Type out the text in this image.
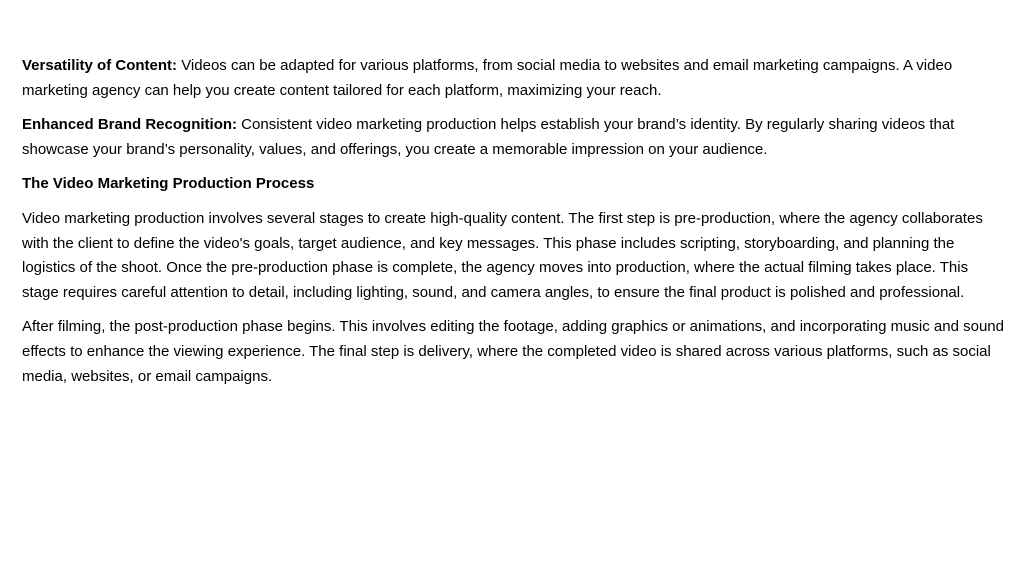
Versatility of Content: Videos can be adapted for various platforms, from social media to websites and email marketing campaigns. A video marketing agency can help you create content tailored for each platform, maximizing your reach.

Enhanced Brand Recognition: Consistent video marketing production helps establish your brand’s identity. By regularly sharing videos that showcase your brand’s personality, values, and offerings, you create a memorable impression on your audience.

The Video Marketing Production Process

Video marketing production involves several stages to create high-quality content. The first step is pre-production, where the agency collaborates with the client to define the video's goals, target audience, and key messages. This phase includes scripting, storyboarding, and planning the logistics of the shoot. Once the pre-production phase is complete, the agency moves into production, where the actual filming takes place. This stage requires careful attention to detail, including lighting, sound, and camera angles, to ensure the final product is polished and professional.

After filming, the post-production phase begins. This involves editing the footage, adding graphics or animations, and incorporating music and sound effects to enhance the viewing experience. The final step is delivery, where the completed video is shared across various platforms, such as social media, websites, or email campaigns.
